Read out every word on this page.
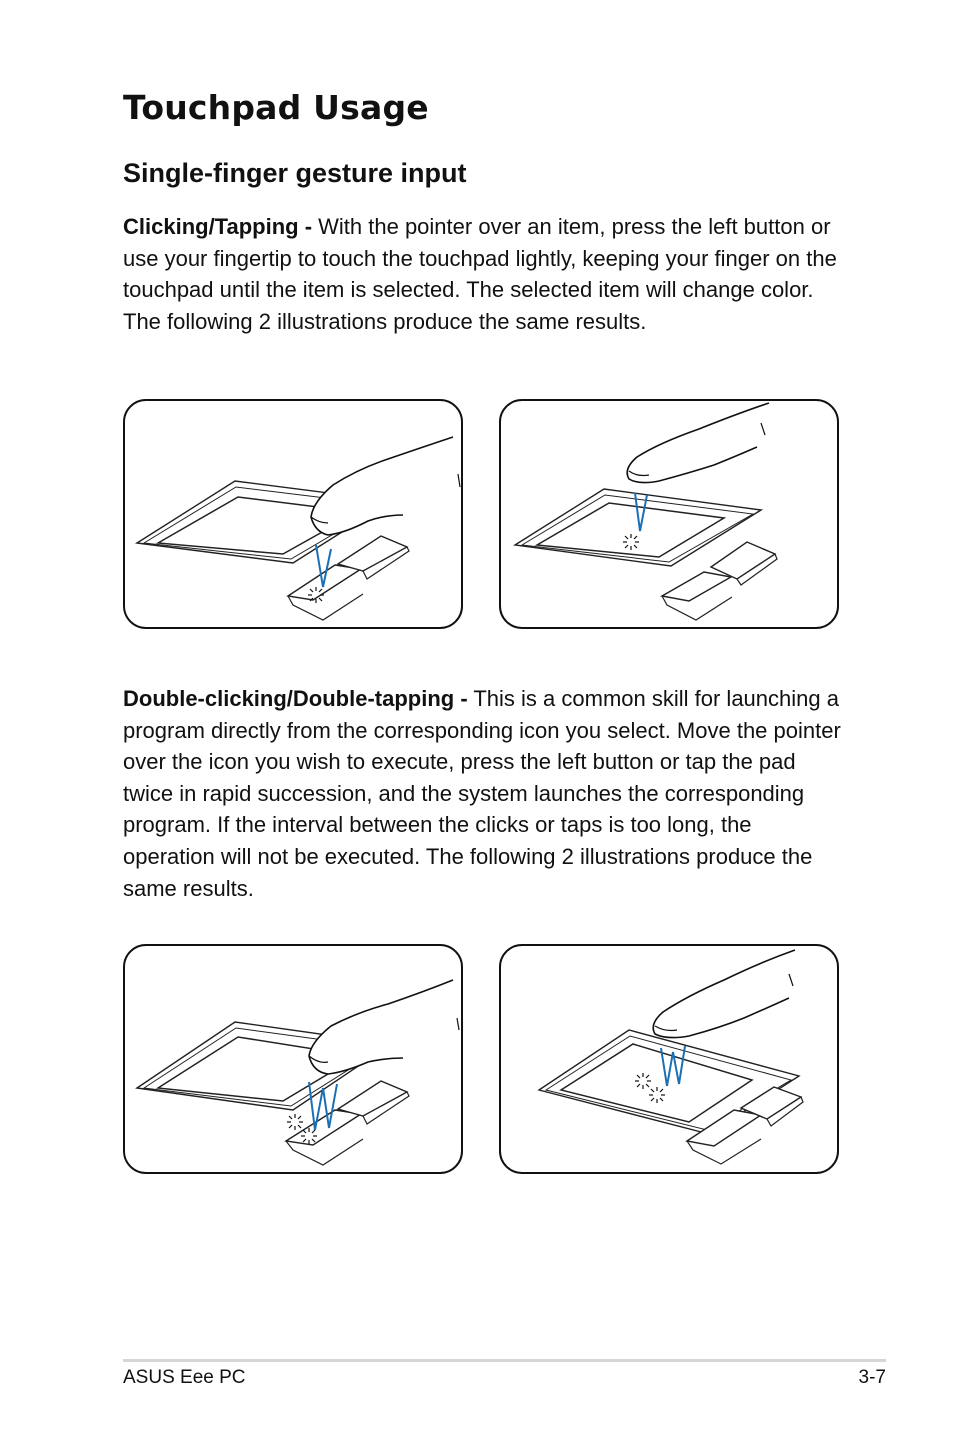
Touchpad Usage
Single-finger gesture input

Clicking/Tapping - With the pointer over an item, press the left button or use your fingertip to touch the touchpad lightly, keeping your finger on the touchpad until the item is selected. The selected item will change color. The following 2 illustrations produce the same results.

Double-clicking/Double-tapping - This is a common skill for launching a program directly from the corresponding icon you select. Move the pointer over the icon you wish to execute, press the left button or tap the pad twice in rapid succession, and the system launches the corresponding program. If the interval between the clicks or taps is too long, the operation will not be executed. The following 2 illustrations produce the same results.

ASUS Eee PC	3-7
